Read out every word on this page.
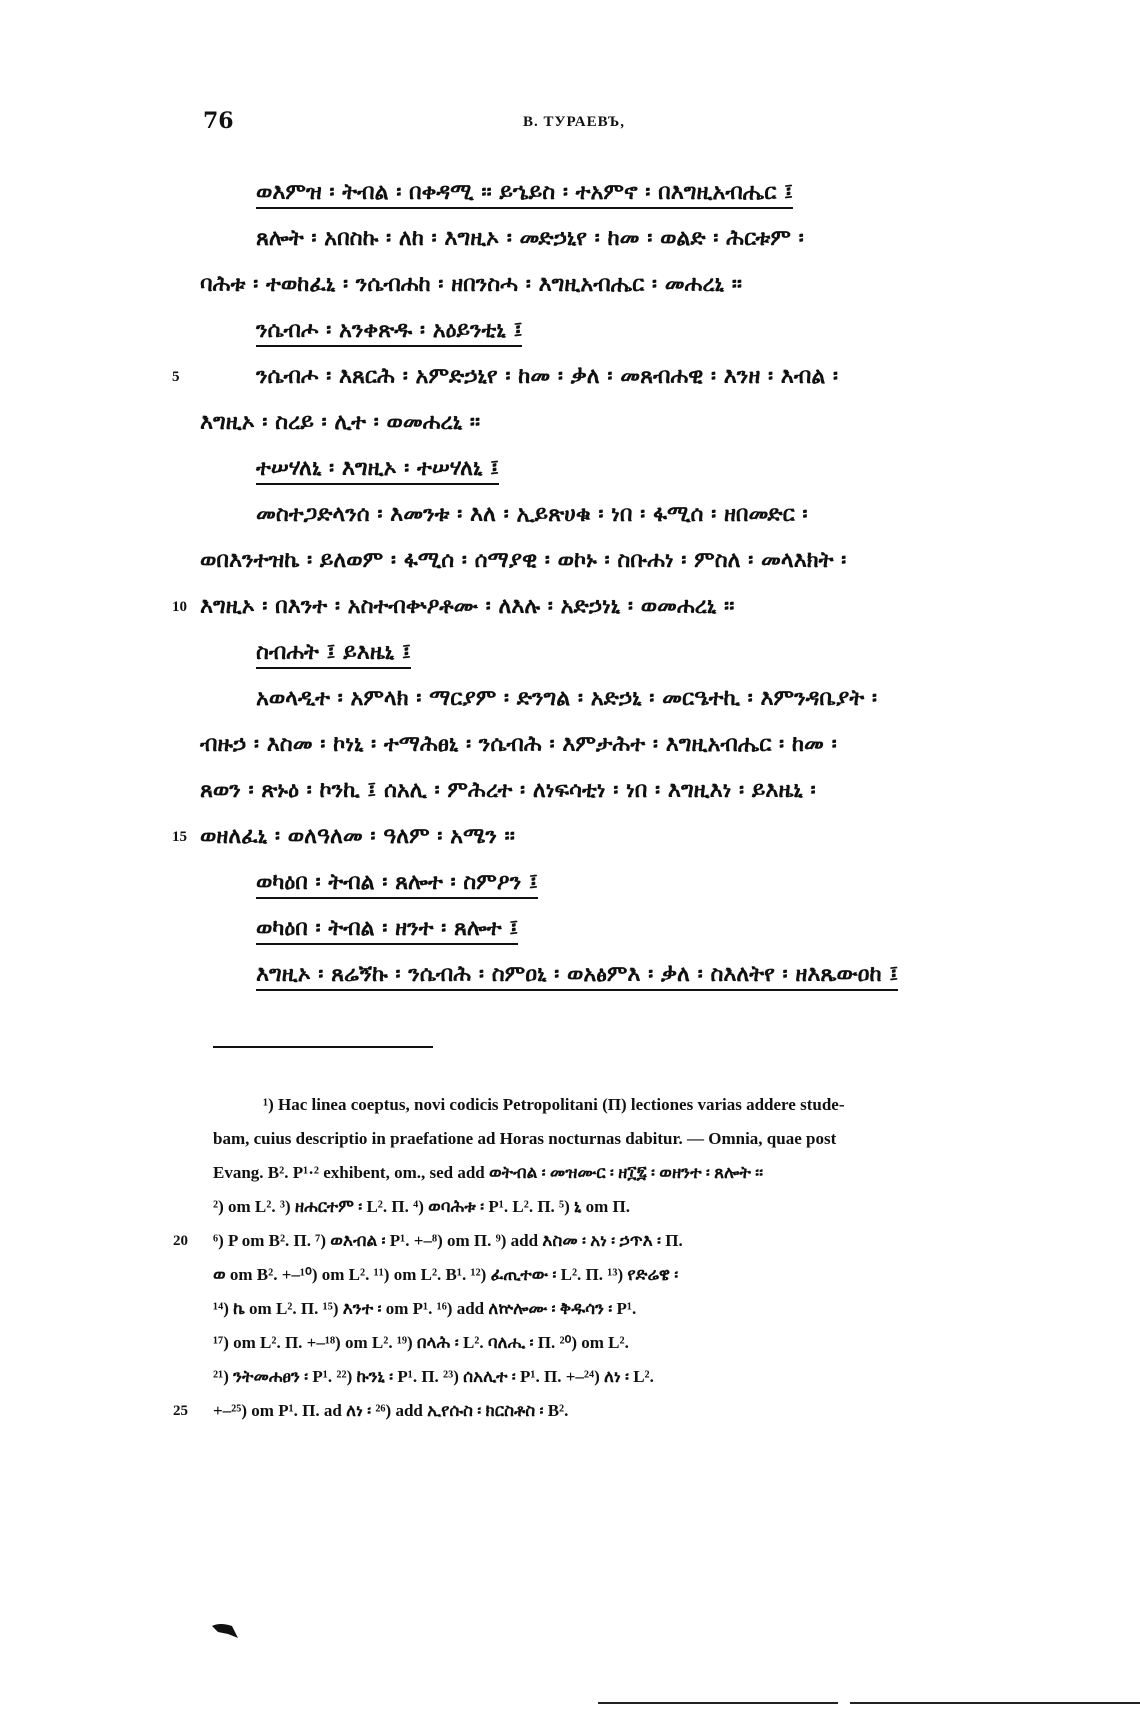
76	В. ТУРАЕВЪ,
ወእምዝ ፡ ትብል ፡ በቀዳሚ ፡፡ ይኄይስ ፡ ተአምኖ ፡ በእግዚአብሔር ፤
ጸሎት ፡ አበስኩ ፡ ለከ ፡ እግዚኦ ፡ መድኃኒየ ፡ ከመ ፡ ወልድ ፡ ሕርቱም ፡
ባሕቱ ፡ ተወከፈኒ ፡ ንሴብሐከ ፡ ዘበንስሓ ፡ እግዚአብሔር ፡ መሐረኒ ፡፡
ንሴብሖ ፡ አንቀጽዱ ፡ አዕይንቲኒ ፤
5	ንሴብሖ ፡ እጸርሕ ፡ አምድኃኒየ ፡ ከመ ፡ ቃለ ፡ መጸብሐዊ ፡ እንዘ ፡ እብል ፡
እግዚኦ ፡ ስረይ ፡ ሊተ ፡ ወመሐረኒ ፡፡
ተሠሃለኒ ፡ እግዚኦ ፡ ተሠሃለኒ ፤
መስተጋድላንሰ ፡ እመንቱ ፡ እለ ፡ ኢይጽሀቁ ፡ ነበ ፡ ፋሚሰ ፡ ዘበመድር ፡
ወበእንተዝኬ ፡ ይለወም ፡ ፋሚሰ ፡ ሰማያዊ ፡ ወኮኑ ፡ ስቡሐነ ፡ ምስለ ፡ መላእክት ፡
10 እግዚኦ ፡ በእንተ ፡ አስተብቍዖቶሙ ፡ ለእሉ ፡ አድኃነኒ ፡ ወመሐረኒ ፡፡
ስብሐት ፤ ይእዜኒ ፤
አወላዲተ ፡ አምላክ ፡ ማርያም ፡ ድንግል ፡ አድኃኒ ፡ መርዔተኪ ፡ እምንዳቤያት ፡
ብዙኃ ፡ እስመ ፡ ኮነኒ ፡ ተማሕፀኒ ፡ ንሴብሕ ፡ እምታሕተ ፡ እግዚአብሔር ፡ ከመ ፡
ጸወን ፡ ጽኑዕ ፡ ኮንኪ ፤ ሰአሊ ፡ ምሕረተ ፡ ለነፍሳቲነ ፡ ነበ ፡ እግዚእነ ፡ ይእዜኒ ፡
15 ወዘለፈኒ ፡ ወለዓለመ ፡ ዓለም ፡ አሜን ፡፡
ወካዕበ ፡ ትብል ፡ ጸሎተ ፡ ስምዖን ፤
ወካዕበ ፡ ትብል ፡ ዘንተ ፡ ጸሎተ ፤
እግዚኦ ፡ ጸሬኝኩ ፡ ንሴብሕ ፡ ስምዐኒ ፡ ወአፅምእ ፡ ቃለ ፡ ስእለትየ ፡ ዘእጼውዐከ ፤
¹) Hac linea coeptus, novi codicis Petropolitani (П) lectiones varias addere stude-
bam, cuius descriptio in praefatione ad Horas nocturnas dabitur. — Omnia, quae post
Evang. B². P¹·² exhibent, om., sed add ወትብል ፡ መዝሙር ፡ ዘ፲፯ ፡ ወዘንተ ፡ ጸሎት ፡፡
²) om L². ³) ዘሐርተም ፡ L². П. ⁴) ወባሕቱ ፡ P¹. L². П. ⁵) ኒ om П.
20 ⁶) P om B². П. ⁷) ወእብል ፡ P¹. +–⁸) om П. ⁹) add እስመ ፡ አነ ፡ ኃጥእ ፡ П.
ወ om B². +–¹⁰) om L². ¹¹) om L². B¹. ¹²) ፈጢተው ፡ L². П. ¹³) የድሬዌ ፡
¹⁴) ኬ om L². П. ¹⁵) እንተ ፡ om P¹. ¹⁶) add ለኵሎሙ ፡ ቅዱሳን ፡ P¹.
¹⁷) om L². П. +–¹⁸) om L². ¹⁹) በላሕ ፡ L². ባለሒ ፡ П. ²⁰) om L².
²¹) ንትመሐፀን ፡ P¹. ²²) ኩንኒ ፡ P¹. П. ²³) ሰአሊተ ፡ P¹. П. +–²⁴) ለነ ፡ L².
25 +–²⁵) om P¹. П. ad ለነ ፡ ²⁶) add ኢየሱስ ፡ ክርስቶስ ፡ B².
